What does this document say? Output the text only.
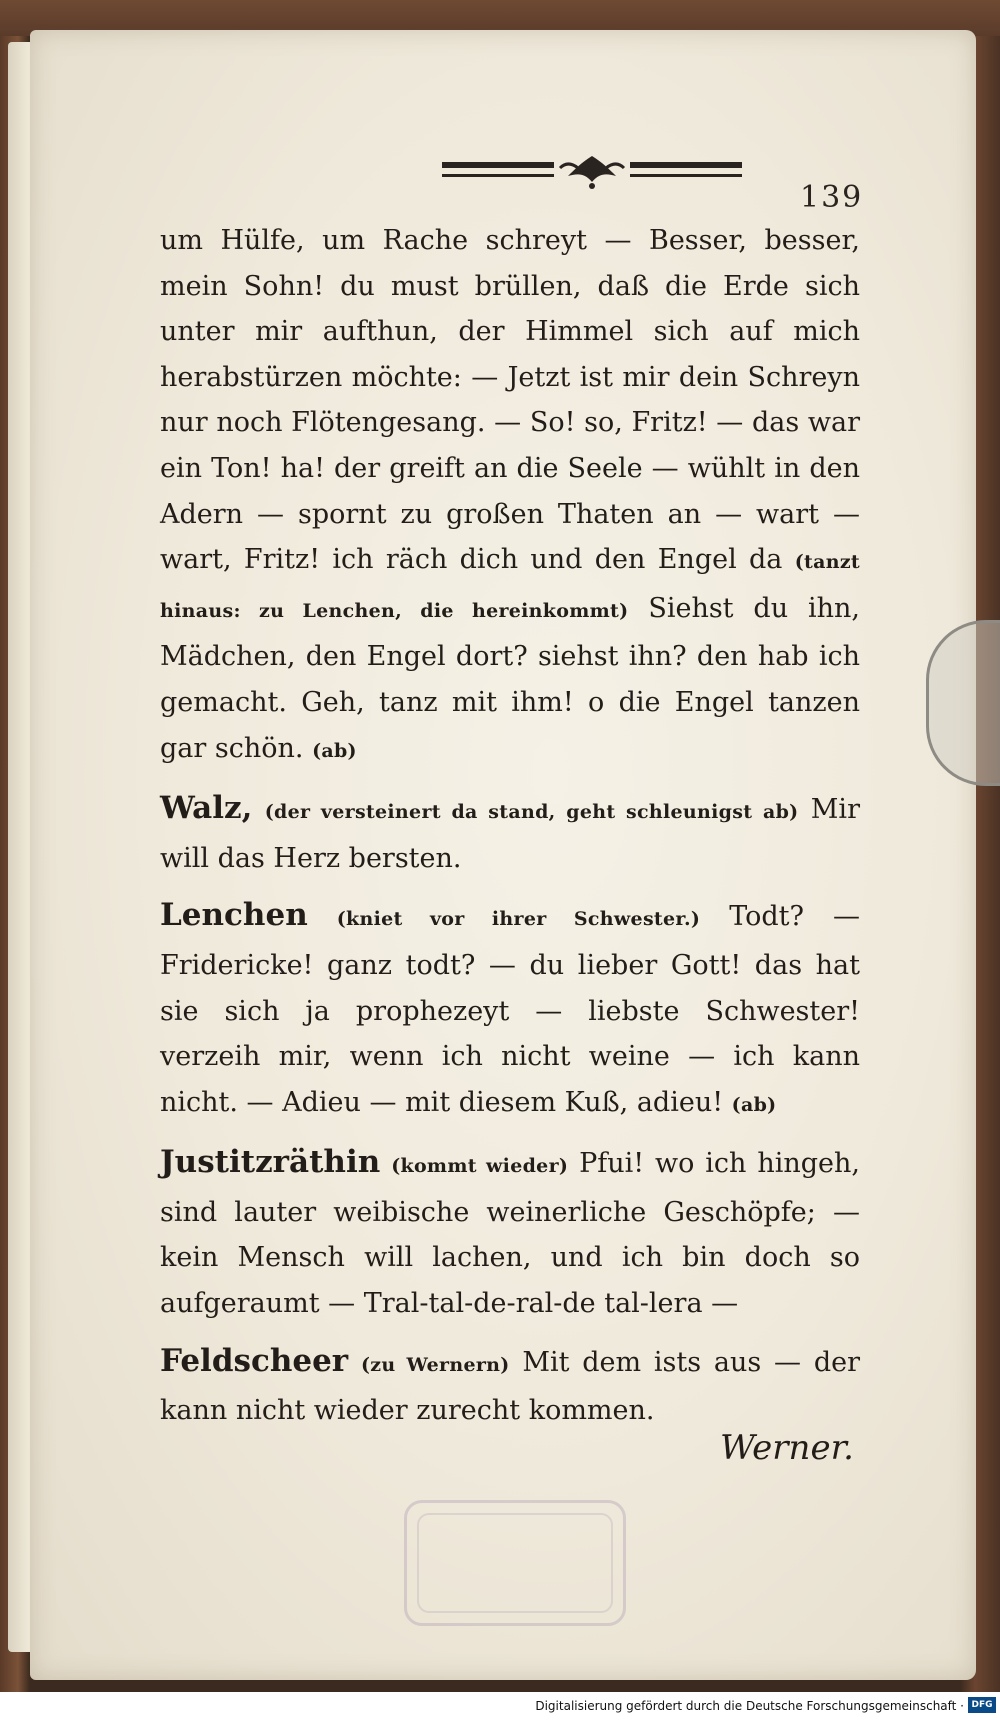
139

um Hülfe, um Rache schreyt — Besser, besser, mein Sohn! du must brüllen, daß die Erde sich unter mir aufthun, der Himmel sich auf mich herabstürzen möchte: — Jetzt ist mir dein Schreyn nur noch Flötengesang. — So! so, Fritz! — das war ein Ton! ha! der greift an die Seele — wühlt in den Adern — spornt zu großen Thaten an — wart — wart, Fritz! ich räch dich und den Engel da (tanzt hinaus: zu Lenchen, die hereinkommt) Siehst du ihn, Mädchen, den Engel dort? siehst ihn? den hab ich gemacht. Geh, tanz mit ihm! o die Engel tanzen gar schön. (ab)

Walz, (der versteinert da stand, geht schleunigst ab) Mir will das Herz bersten.

Lenchen (kniet vor ihrer Schwester.) Todt? — Fridericke! ganz todt? — du lieber Gott! das hat sie sich ja prophezeyt — liebste Schwester! verzeih mir, wenn ich nicht weine — ich kann nicht. — Adieu — mit diesem Kuß, adieu! (ab)

Justitzräthin (kommt wieder) Pfui! wo ich hingeh, sind lauter weibische weinerliche Geschöpfe; — kein Mensch will lachen, und ich bin doch so aufgeraumt — Tral-tal-de-ral-de tal-lera —

Feldscheer (zu Wernern) Mit dem ists aus — der kann nicht wieder zurecht kommen.

Werner.
Digitalisierung gefördert durch die Deutsche Forschungsgemeinschaft · DFG
